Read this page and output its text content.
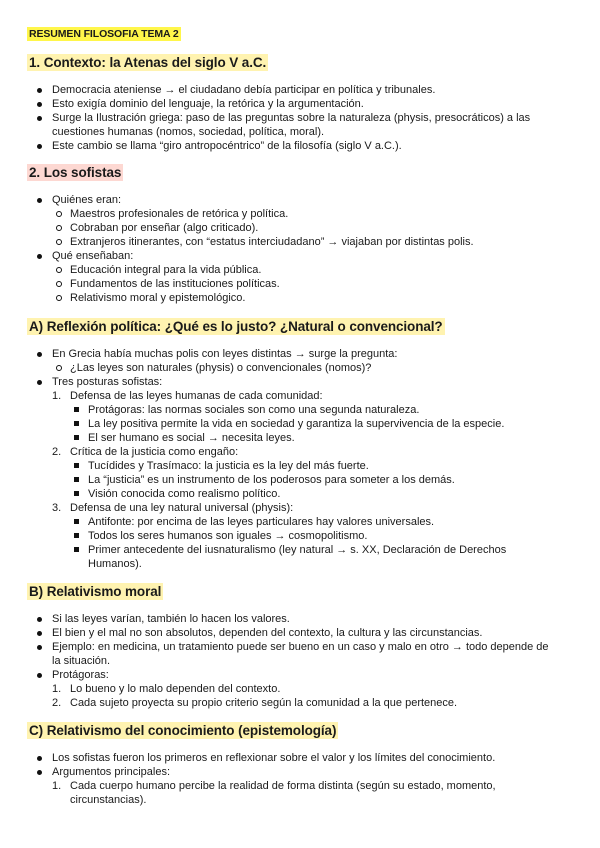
RESUMEN FILOSOFIA TEMA 2
1. Contexto: la Atenas del siglo V a.C.
Democracia ateniense → el ciudadano debía participar en política y tribunales.
Esto exigía dominio del lenguaje, la retórica y la argumentación.
Surge la Ilustración griega: paso de las preguntas sobre la naturaleza (physis, presocráticos) a las cuestiones humanas (nomos, sociedad, política, moral).
Este cambio se llama “giro antropocéntrico” de la filosofía (siglo V a.C.).
2. Los sofistas
Quiénes eran:
Maestros profesionales de retórica y política.
Cobraban por enseñar (algo criticado).
Extranjeros itinerantes, con “estatus interciudadano” → viajaban por distintas polis.
Qué enseñaban:
Educación integral para la vida pública.
Fundamentos de las instituciones políticas.
Relativismo moral y epistemológico.
A) Reflexión política: ¿Qué es lo justo? ¿Natural o convencional?
En Grecia había muchas polis con leyes distintas → surge la pregunta:
¿Las leyes son naturales (physis) o convencionales (nomos)?
Tres posturas sofistas:
1. Defensa de las leyes humanas de cada comunidad:
Protágoras: las normas sociales son como una segunda naturaleza.
La ley positiva permite la vida en sociedad y garantiza la supervivencia de la especie.
El ser humano es social → necesita leyes.
2. Crítica de la justicia como engaño:
Tucídides y Trasímaco: la justicia es la ley del más fuerte.
La “justicia” es un instrumento de los poderosos para someter a los demás.
Visión conocida como realismo político.
3. Defensa de una ley natural universal (physis):
Antifonte: por encima de las leyes particulares hay valores universales.
Todos los seres humanos son iguales → cosmopolitismo.
Primer antecedente del iusnaturalismo (ley natural → s. XX, Declaración de Derechos Humanos).
B) Relativismo moral
Si las leyes varían, también lo hacen los valores.
El bien y el mal no son absolutos, dependen del contexto, la cultura y las circunstancias.
Ejemplo: en medicina, un tratamiento puede ser bueno en un caso y malo en otro → todo depende de la situación.
Protágoras:
1. Lo bueno y lo malo dependen del contexto.
2. Cada sujeto proyecta su propio criterio según la comunidad a la que pertenece.
C) Relativismo del conocimiento (epistemología)
Los sofistas fueron los primeros en reflexionar sobre el valor y los límites del conocimiento.
Argumentos principales:
1. Cada cuerpo humano percibe la realidad de forma distinta (según su estado, momento, circunstancias).
